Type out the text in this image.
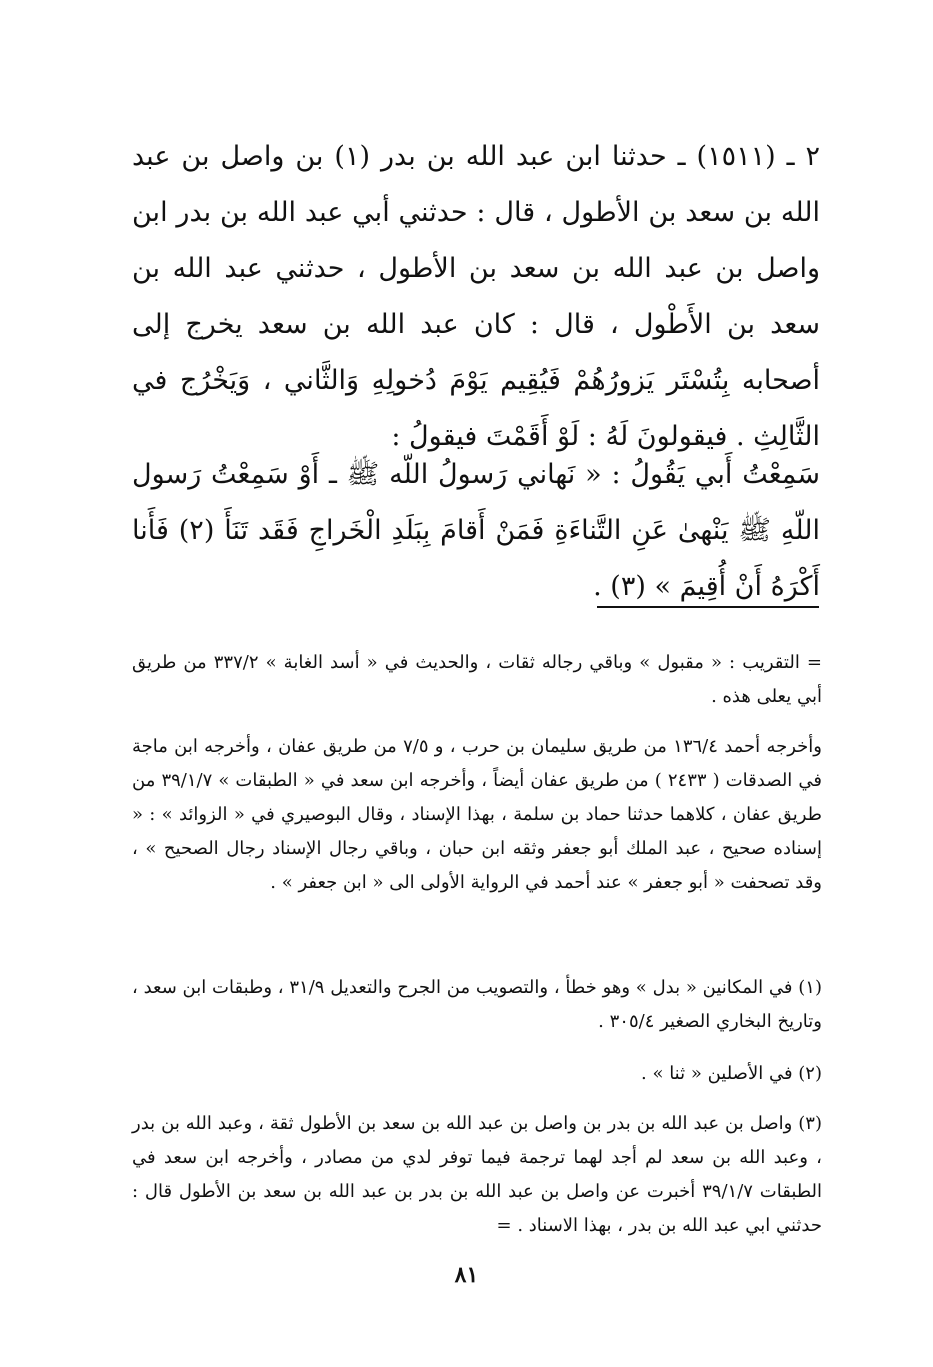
٢ ـ (١٥١١) ـ حدثنا ابن عبد الله بن بدر (١) بن واصل بن عبد الله بن سعد بن الأطول ، قال : حدثني أبي عبد الله بن بدر ابن واصل بن عبد الله بن سعد بن الأطول ، حدثني عبد الله بن سعد بن الأَطْول ، قال : كان عبد الله بن سعد يخرج إلى أصحابه بِتُسْتَر يَزورُهُمْ فَيُقِيم يَوْمَ دُخولِهِ وَالثَّاني ، وَيَخْرُج في الثَّالِثِ . فيقولونَ لَهُ : لَوْ أَقَمْتَ فيقولُ :

سَمِعْتُ أَبي يَقُولُ : « نَهاني رَسولُ اللّه ﷺ ـ أَوْ سَمِعْتُ رَسول اللّهِ ﷺ يَنْهىٰ عَنِ التَّناءَةِ فَمَنْ أَقامَ بِبَلَدِ الْخَراجِ فَقَد تَنَأَ (٢) فَأَنا أَكْرَهُ أَنْ أُقِيمَ » (٣) .

= التقريب : « مقبول » وباقي رجاله ثقات ، والحديث في « أسد الغابة » ٣٣٧/٢ من طريق أبي يعلى هذه .

وأخرجه أحمد ١٣٦/٤ من طريق سليمان بن حرب ، و ٧/٥ من طريق عفان ، وأخرجه ابن ماجة في الصدقات ( ٢٤٣٣ ) من طريق عفان أيضاً ، وأخرجه ابن سعد في « الطبقات » ٣٩/١/٧ من طريق عفان ، كلاهما حدثنا حماد بن سلمة ، بهذا الإسناد ، وقال البوصيري في « الزوائد » : « إسناده صحيح ، عبد الملك أبو جعفر وثقه ابن حبان ، وباقي رجال الإسناد رجال الصحيح » ، وقد تصحفت « أبو جعفر » عند أحمد في الرواية الأولى الى « ابن جعفر » .

(١) في المكانين « بدل » وهو خطأ ، والتصويب من الجرح والتعديل ٣١/٩ ، وطبقات ابن سعد ، وتاريخ البخاري الصغير ٣٠٥/٤ .

(٢) في الأصلين « ثنا » .

(٣) واصل بن عبد الله بن بدر بن واصل بن عبد الله بن سعد بن الأطول ثقة ، وعبد الله بن بدر ، وعبد الله بن سعد لم أجد لهما ترجمة فيما توفر لدي من مصادر ، وأخرجه ابن سعد في الطبقات ٣٩/١/٧ أخبرت عن واصل بن عبد الله بن بدر بن عبد الله بن سعد بن الأطول قال : حدثني ابي عبد الله بن بدر ، بهذا الاسناد . =

٨١
